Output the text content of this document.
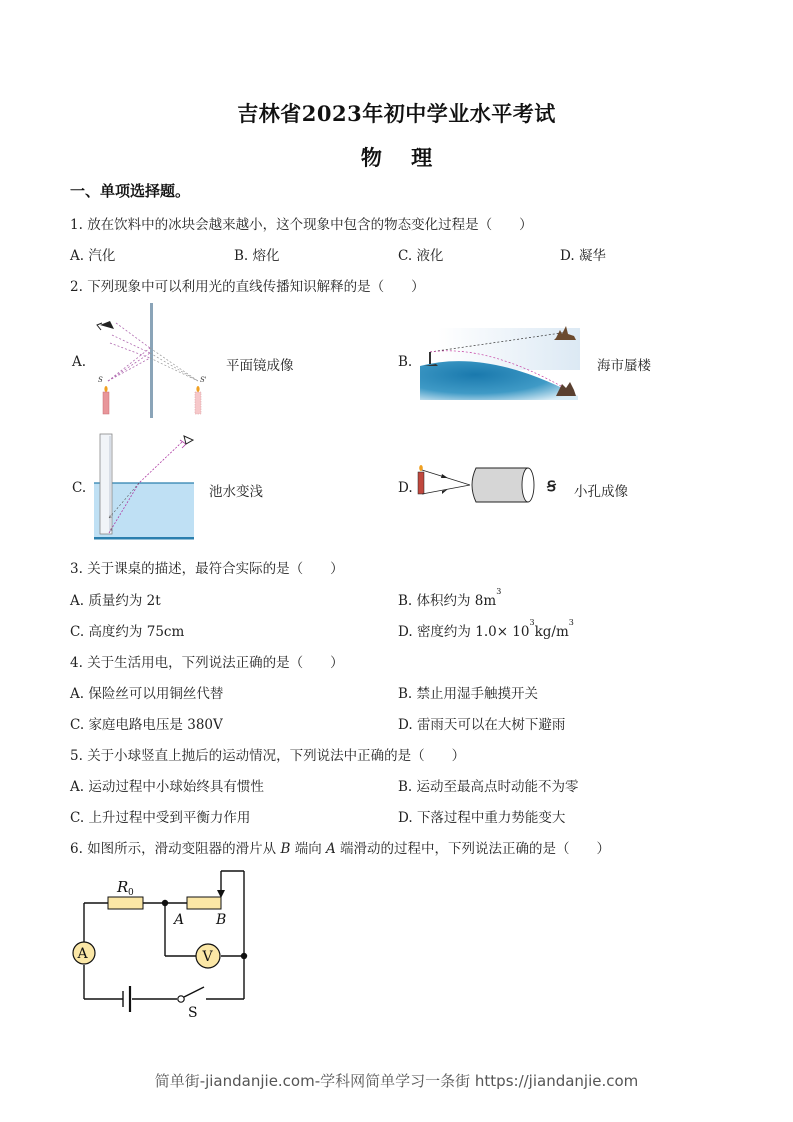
吉林省2023年初中学业水平考试
物 理
一、单项选择题。
1. 放在饮料中的冰块会越来越小，这个现象中包含的物态变化过程是（　　）
A. 汽化	B. 熔化	C. 液化	D. 凝华
2. 下列现象中可以利用光的直线传播知识解释的是（　　）
A.
S	S'
平面镜成像	B.	海市蜃楼
C.
s'
s
池水变浅	D.	Ꞩ 小孔成像
3. 关于课桌的描述，最符合实际的是（　　）
A. 质量约为 2t	B. 体积约为 $8m^3$
C. 高度约为 75cm	D. 密度约为 $1.0\times 10^3kg/m^3$
4. 关于生活用电，下列说法正确的是（　　）
A. 保险丝可以用铜丝代替	B. 禁止用湿手触摸开关
C. 家庭电路电压是 380V	D. 雷雨天可以在大树下避雨
5. 关于小球竖直上抛后的运动情况，下列说法中正确的是（　　）
A. 运动过程中小球始终具有惯性	B. 运动至最高点时动能不为零
C. 上升过程中受到平衡力作用	D. 下落过程中重力势能变大
6. 如图所示，滑动变阻器的滑片从 B 端向 A 端滑动的过程中，下列说法正确的是（　　）
A	V
R 0
A B
S
简单街-jiandanjie.com-学科网简单学习一条街 https://jiandanjie.com
